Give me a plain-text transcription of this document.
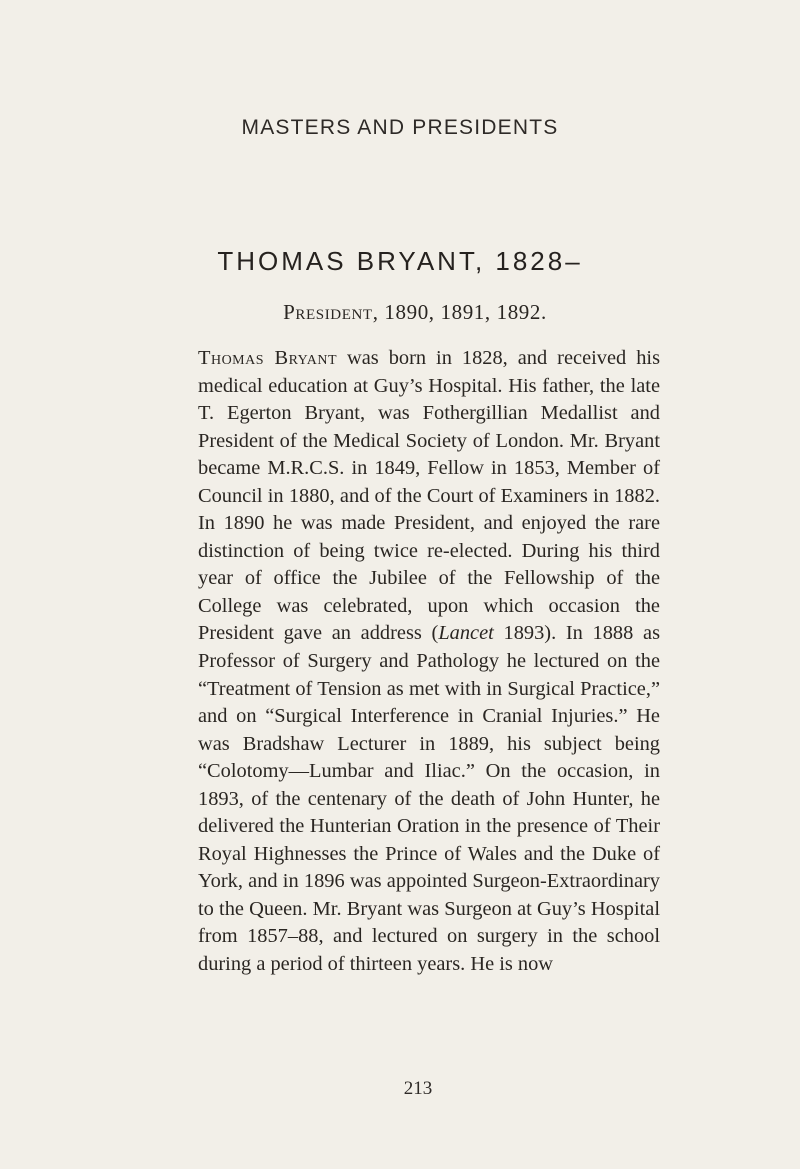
MASTERS AND PRESIDENTS
THOMAS BRYANT, 1828–
President, 1890, 1891, 1892.
Thomas Bryant was born in 1828, and received his medical education at Guy’s Hospital. His father, the late T. Egerton Bryant, was Fothergillian Medallist and President of the Medical Society of London. Mr. Bryant became M.R.C.S. in 1849, Fellow in 1853, Member of Council in 1880, and of the Court of Examiners in 1882. In 1890 he was made President, and enjoyed the rare distinction of being twice re-elected. During his third year of office the Jubilee of the Fellowship of the College was celebrated, upon which occasion the President gave an address (Lancet 1893). In 1888 as Professor of Surgery and Pathology he lectured on the “Treatment of Tension as met with in Surgical Practice,” and on “Surgical Interference in Cranial Injuries.” He was Bradshaw Lecturer in 1889, his subject being “Colotomy—Lumbar and Iliac.” On the occasion, in 1893, of the centenary of the death of John Hunter, he delivered the Hunterian Oration in the presence of Their Royal Highnesses the Prince of Wales and the Duke of York, and in 1896 was appointed Surgeon-Extraordinary to the Queen. Mr. Bryant was Surgeon at Guy’s Hospital from 1857–88, and lectured on surgery in the school during a period of thirteen years. He is now
213
